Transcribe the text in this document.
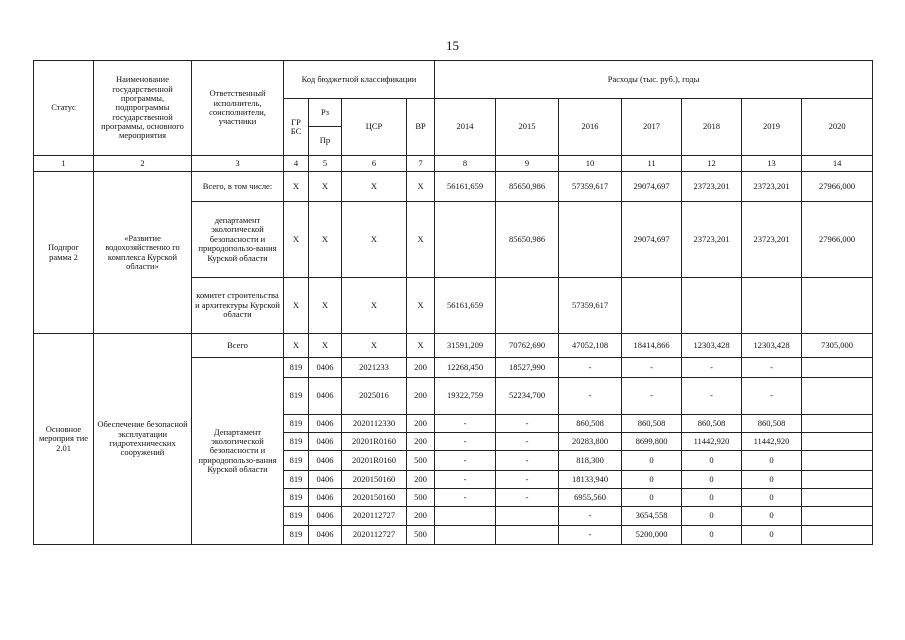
15
Статус	Наименование государственной программы, подпрограммы государственной программы, основного мероприятия	Ответственный исполнитель, соисполнители, участники	Код бюджетной классификации				Расходы (тыс. руб.), годы						
			ГР БС	Рз	ЦСР	ВР	2014	2015	2016	2017	2018	2019	2020
				Пр									
1	2	3	4	5	6	7	8	9	10	11	12	13	14
Подпрог рамма 2	«Развитие водохозяйственно го комплекса Курской области»	Всего, в том числе:	X	X	X	X	56161,659	85650,986	57359,617	29074,697	23723,201	23723,201	27966,000
		департамент экологической безопасности и природопользо-вания Курской области	X	X	X	X		85650,986		29074,697	23723,201	23723,201	27966,000
		комитет строительства и архитектуры Курской области	X	X	X	X	56161,659		57359,617				
Основное мероприя тие 2.01	Обеспечение безопасной эксплуатации гидротехнических сооружений	Всего	X	X	X	X	31591,209	70762,690	47052,108	18414,866	12303,428	12303,428	7305,000
		Департамент экологической безопасности и природопользо-вания Курской области	819	0406	2021233	200	12268,450	18527,990	-	-	-	-	
			819	0406	2025016	200	19322,759	52234,700	-	-	-	-	
			819	0406	2020112330	200	-	-	860,508	860,508	860,508	860,508	
			819	0406	20201R0160	200	-	-	20283,800	8699,800	11442,920	11442,920	
			819	0406	20201R0160	500	-	-	818,300	0	0	0	
			819	0406	2020150160	200	-	-	18133,940	0	0	0	
			819	0406	2020150160	500	-	-	6955,560	0	0	0	
			819	0406	2020112727	200			-	3654,558	0	0	
			819	0406	2020112727	500			-	5200,000	0	0	
